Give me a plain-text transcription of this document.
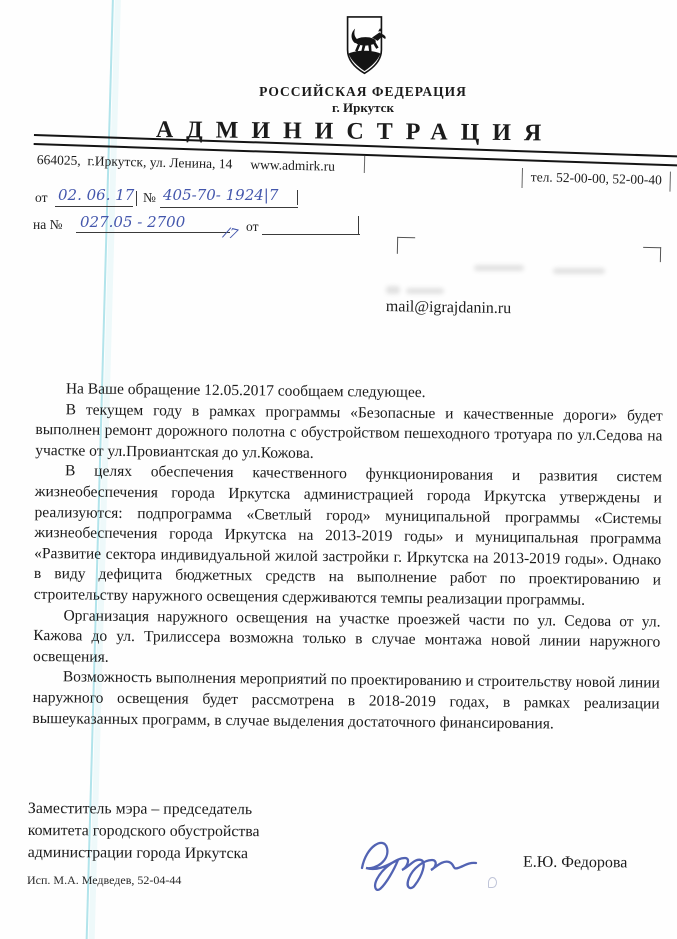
РОССИЙСКАЯ ФЕДЕРАЦИЯ
г. Иркутск
АДМИНИСТРАЦИЯ
664025,  г.Иркутск, ул. Ленина, 14 www.admirk.ru
тел. 52-00-00, 52-00-40
от 02. 06. 17 № 405-70- 1924|7
на № 027.05 - 2700
/7 от
mail@igrajdanin.ru

На Ваше обращение 12.05.2017 сообщаем следующее.

В текущем году в рамках программы «Безопасные и качественные дороги» будет выполнен ремонт дорожного полотна с обустройством пешеходного тротуара по ул.Седова на участке от ул.Провиантская до ул.Кожова.

В целях обеспечения качественного функционирования и развития систем жизнеобеспечения города Иркутска администрацией города Иркутска утверждены и реализуются: подпрограмма «Светлый город» муниципальной программы «Системы жизнеобеспечения города Иркутска на 2013-2019 годы» и муниципальная программа «Развитие сектора индивидуальной жилой застройки г. Иркутска на 2013-2019 годы». Однако в виду дефицита бюджетных средств на выполнение работ по проектированию и строительству наружного освещения сдерживаются темпы реализации программы.

Организация наружного освещения на участке проезжей части по ул. Седова от ул. Кажова до ул. Трилиссера возможна только в случае монтажа новой линии наружного освещения.

Возможность выполнения мероприятий по проектированию и строительству новой линии наружного освещения будет рассмотрена в 2018-2019 годах, в рамках реализации вышеуказанных программ, в случае выделения достаточного финансирования.

Заместитель мэра – председатель
комитета городского обустройства
администрации города Иркутска
Е.Ю. Федорова
Исп. М.А. Медведев, 52-04-44
